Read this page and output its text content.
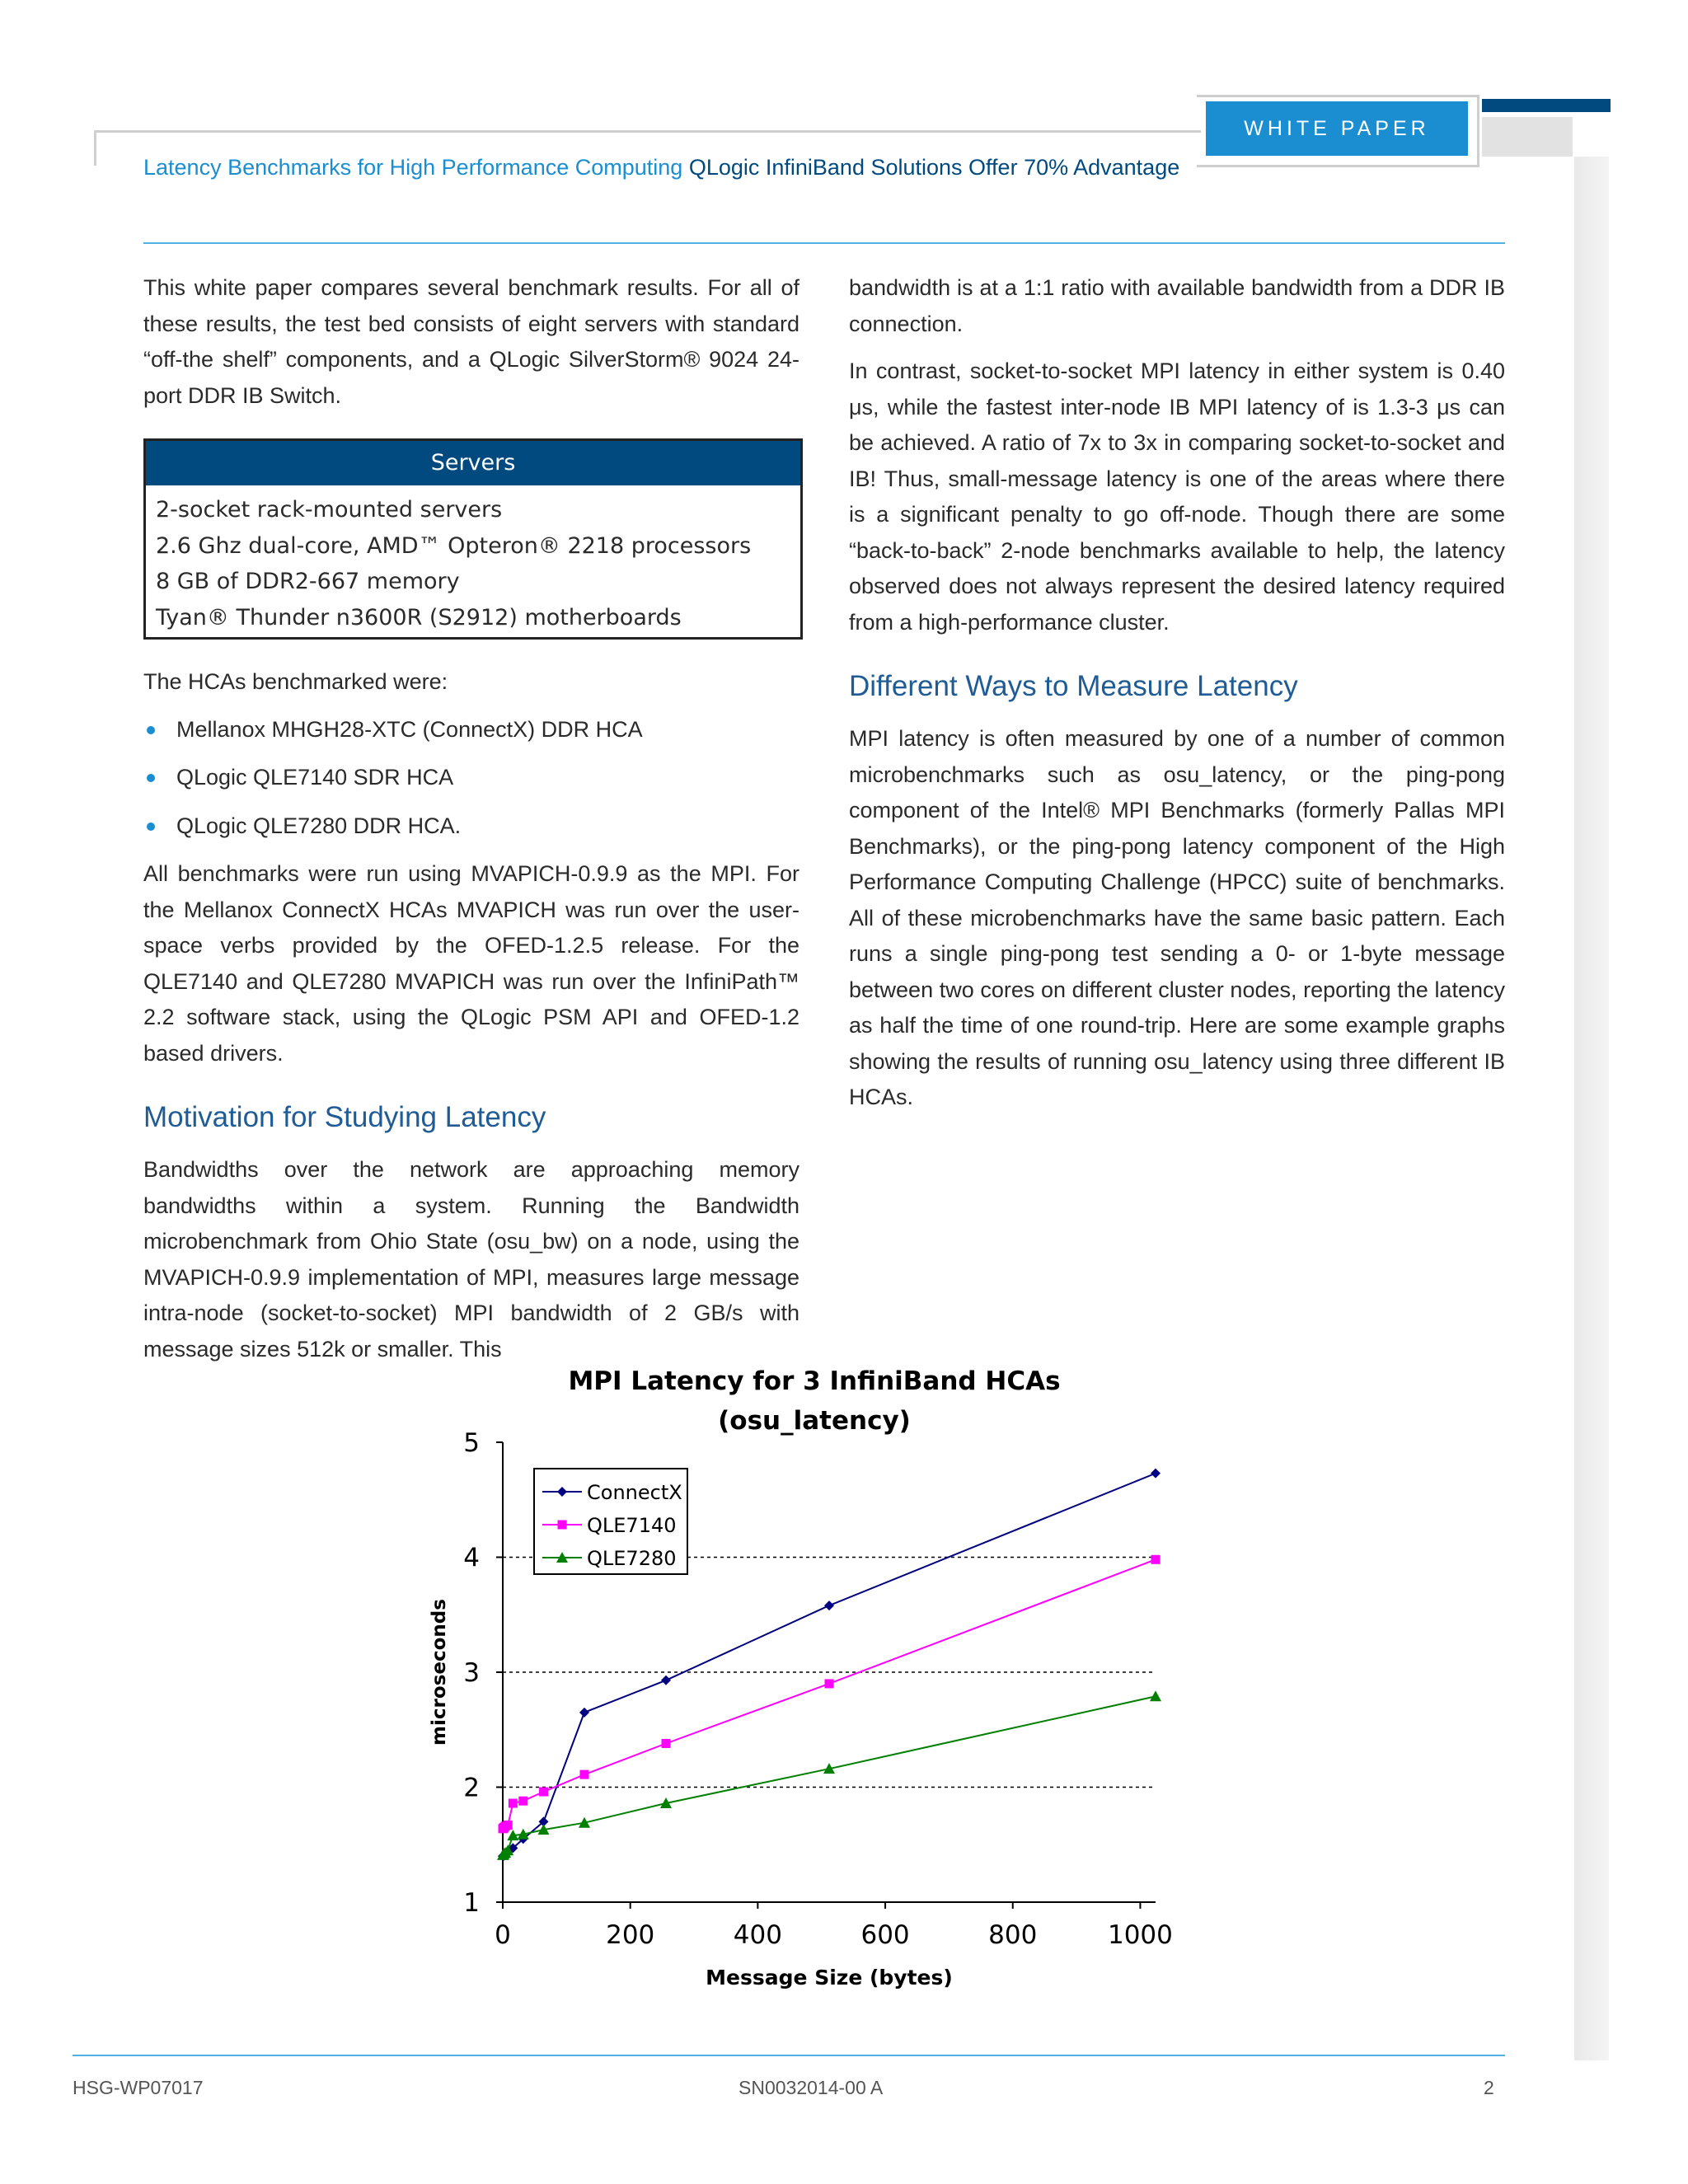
WHITE PAPER
Latency Benchmarks for High Performance Computing QLogic InfiniBand Solutions Offer 70% Advantage

This white paper compares several benchmark results. For all of these results, the test bed consists of eight servers with standard “off-the shelf” components, and a QLogic SilverStorm® 9024 24-port DDR IB Switch.

Servers
2-socket rack-mounted servers
2.6 Ghz dual-core, AMD™ Opteron® 2218 processors
8 GB of DDR2-667 memory
Tyan® Thunder n3600R (S2912) motherboards

The HCAs benchmarked were:

Mellanox MHGH28-XTC (ConnectX) DDR HCA
QLogic QLE7140 SDR HCA
QLogic QLE7280 DDR HCA.

All benchmarks were run using MVAPICH-0.9.9 as the MPI. For the Mellanox ConnectX HCAs MVAPICH was run over the user-space verbs provided by the OFED-1.2.5 release. For the QLE7140 and QLE7280 MVAPICH was run over the InfiniPath™ 2.2 software stack, using the QLogic PSM API and OFED-1.2 based drivers.

Motivation for Studying Latency

Bandwidths over the network are approaching memory bandwidths within a system. Running the Bandwidth microbenchmark from Ohio State (osu_bw) on a node, using the MVAPICH-0.9.9 implementation of MPI, measures large message intra-node (socket-to-socket) MPI bandwidth of 2 GB/s with message sizes 512k or smaller. This

bandwidth is at a 1:1 ratio with available bandwidth from a DDR IB connection.

In contrast, socket-to-socket MPI latency in either system is 0.40 μs, while the fastest inter-node IB MPI latency of is 1.3-3 μs can be achieved. A ratio of 7x to 3x in comparing socket-to-socket and IB! Thus, small-message latency is one of the areas where there is a significant penalty to go off-node. Though there are some “back-to-back” 2-node benchmarks available to help, the latency observed does not always represent the desired latency required from a high-performance cluster.

Different Ways to Measure Latency

MPI latency is often measured by one of a number of common microbenchmarks such as osu_latency, or the ping-pong component of the Intel® MPI Benchmarks (formerly Pallas MPI Benchmarks), or the ping-pong latency component of the High Performance Computing Challenge (HPCC) suite of benchmarks. All of these microbenchmarks have the same basic pattern. Each runs a single ping-pong test sending a 0- or 1-byte message between two cores on different cluster nodes, reporting the latency as half the time of one round-trip. Here are some example graphs showing the results of running osu_latency using three different IB HCAs.

MPI Latency for 3 InfiniBand HCAs
(osu_latency)
1
2
3
4
5
0	200	400	600	800	1000
ConnectX
QLE7140
QLE7280
microseconds
Message Size (bytes)
HSG-WP07017	SN0032014-00 A	2
